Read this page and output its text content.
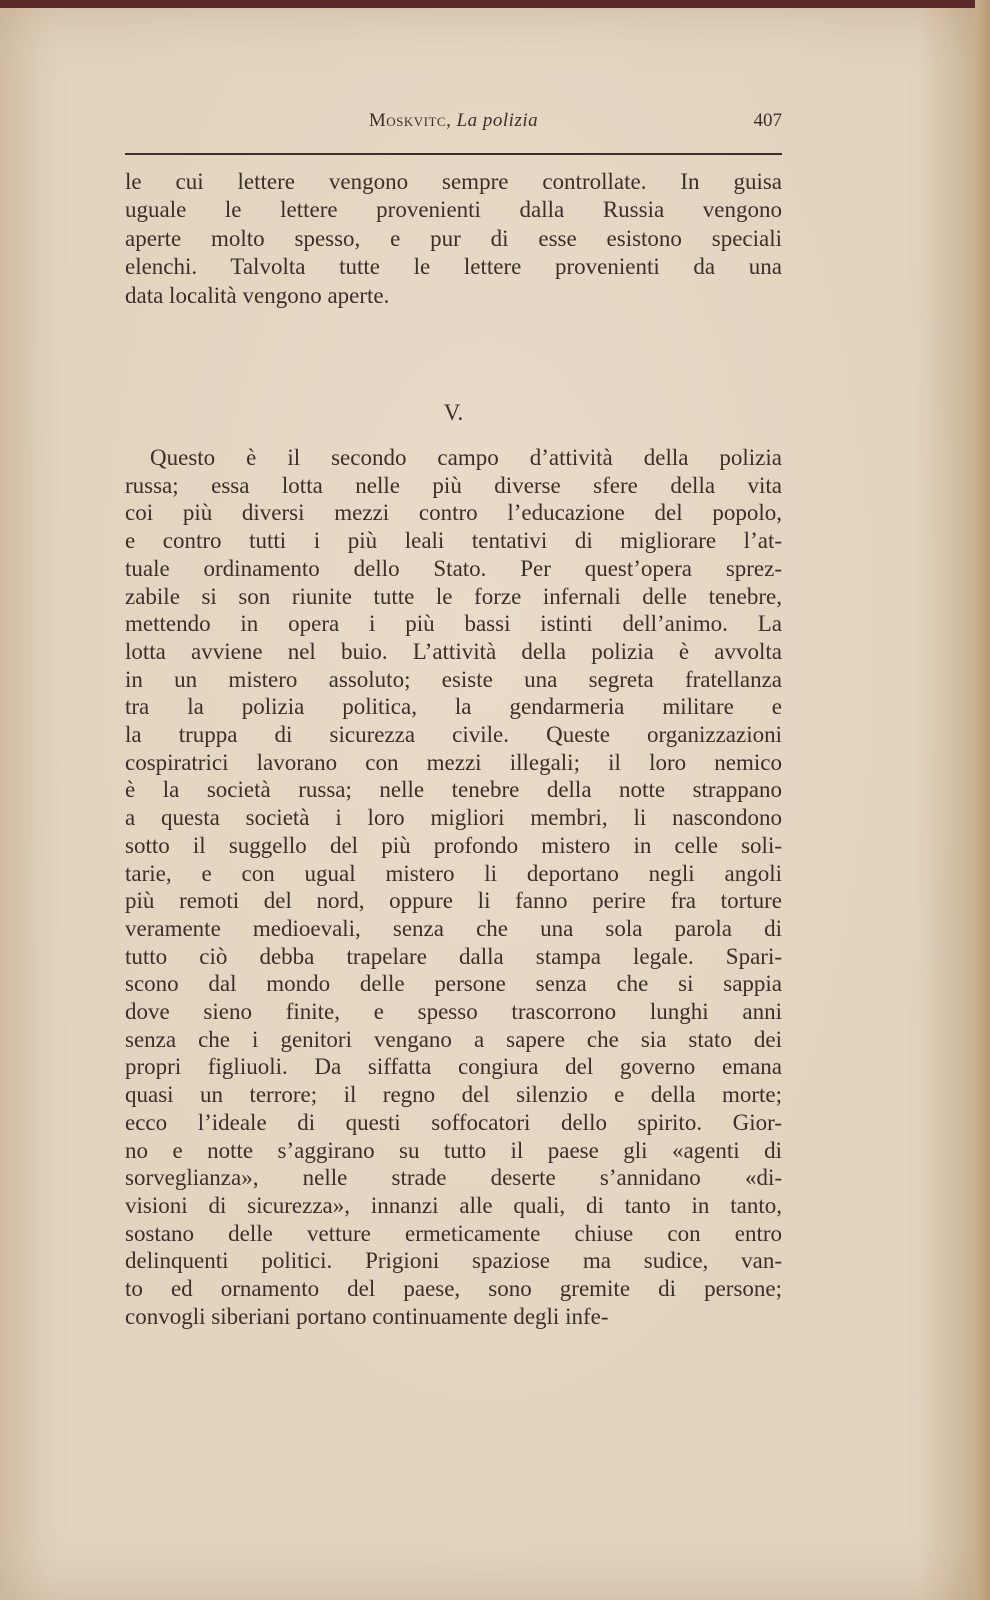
Moskvitc, La polizia	407
le cui lettere vengono sempre controllate. In guisa
uguale le lettere provenienti dalla Russia vengono
aperte molto spesso, e pur di esse esistono speciali
elenchi. Talvolta tutte le lettere provenienti da una
data località vengono aperte.
V.
Questo è il secondo campo d’attività della polizia
russa; essa lotta nelle più diverse sfere della vita
coi più diversi mezzi contro l’educazione del popolo,
e contro tutti i più leali tentativi di migliorare l’at-
tuale ordinamento dello Stato. Per quest’opera sprez-
zabile si son riunite tutte le forze infernali delle tenebre,
mettendo in opera i più bassi istinti dell’animo. La
lotta avviene nel buio. L’attività della polizia è avvolta
in un mistero assoluto; esiste una segreta fratellanza
tra la polizia politica, la gendarmeria militare e
la truppa di sicurezza civile. Queste organizzazioni
cospiratrici lavorano con mezzi illegali; il loro nemico
è la società russa; nelle tenebre della notte strappano
a questa società i loro migliori membri, li nascondono
sotto il suggello del più profondo mistero in celle soli-
tarie, e con ugual mistero li deportano negli angoli
più remoti del nord, oppure li fanno perire fra torture
veramente medioevali, senza che una sola parola di
tutto ciò debba trapelare dalla stampa legale. Spari-
scono dal mondo delle persone senza che si sappia
dove sieno finite, e spesso trascorrono lunghi anni
senza che i genitori vengano a sapere che sia stato dei
propri figliuoli. Da siffatta congiura del governo emana
quasi un terrore; il regno del silenzio e della morte;
ecco l’ideale di questi soffocatori dello spirito. Gior-
no e notte s’aggirano su tutto il paese gli «agenti di
sorveglianza», nelle strade deserte s’annidano «di-
visioni di sicurezza», innanzi alle quali, di tanto in tanto,
sostano delle vetture ermeticamente chiuse con entro
delinquenti politici. Prigioni spaziose ma sudice, van-
to ed ornamento del paese, sono gremite di persone;
convogli siberiani portano continuamente degli infe-
